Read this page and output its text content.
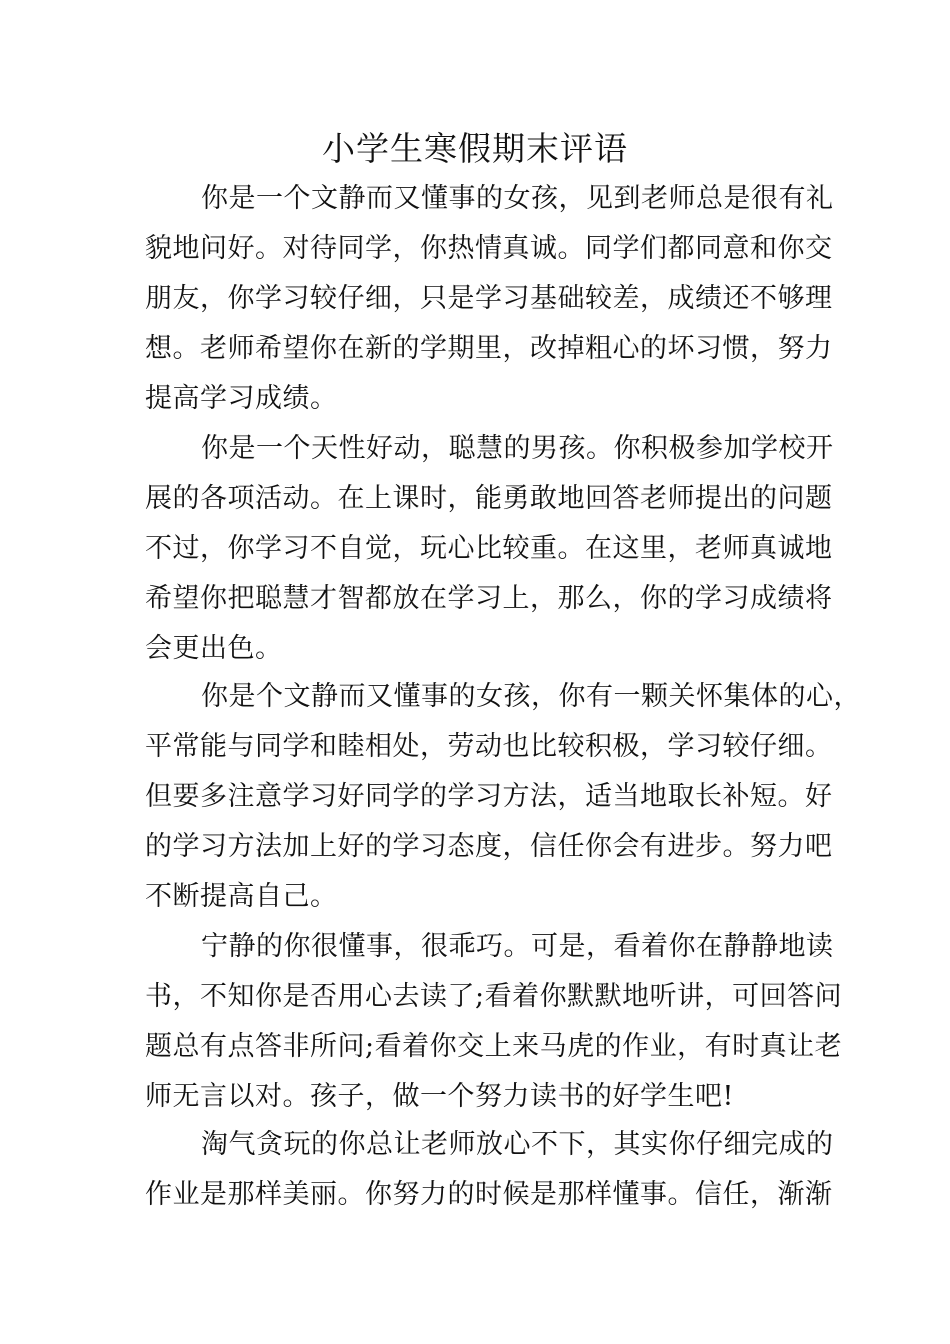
小学生寒假期末评语

你是一个文静而又懂事的女孩，见到老师总是很有礼

貌地问好。对待同学，你热情真诚。同学们都同意和你交

朋友，你学习较仔细，只是学习基础较差，成绩还不够理

想。老师希望你在新的学期里，改掉粗心的坏习惯，努力

提高学习成绩。

你是一个天性好动，聪慧的男孩。你积极参加学校开

展的各项活动。在上课时，能勇敢地回答老师提出的问题

不过，你学习不自觉，玩心比较重。在这里，老师真诚地

希望你把聪慧才智都放在学习上，那么，你的学习成绩将

会更出色。

你是个文静而又懂事的女孩，你有一颗关怀集体的心，

平常能与同学和睦相处，劳动也比较积极，学习较仔细。

但要多注意学习好同学的学习方法，适当地取长补短。好

的学习方法加上好的学习态度，信任你会有进步。努力吧

不断提高自己。

宁静的你很懂事，很乖巧。可是，看着你在静静地读

书，不知你是否用心去读了;看着你默默地听讲，可回答问

题总有点答非所问;看着你交上来马虎的作业，有时真让老

师无言以对。孩子，做一个努力读书的好学生吧!

淘气贪玩的你总让老师放心不下，其实你仔细完成的

作业是那样美丽。你努力的时候是那样懂事。信任，渐渐
